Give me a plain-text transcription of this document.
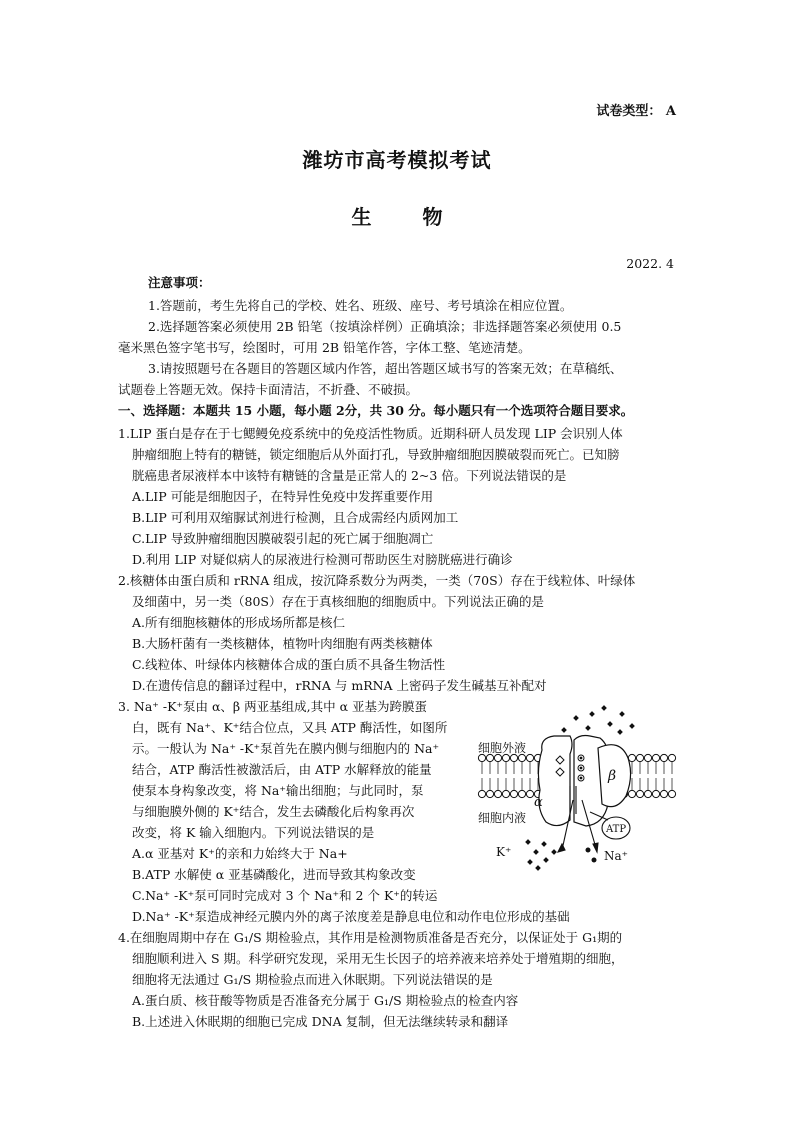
试卷类型： A
潍坊市高考模拟考试
生 物
2022. 4
注意事项：
1.答题前，考生先将自己的学校、姓名、班级、座号、考号填涂在相应位置。
2.选择题答案必须使用 2B 铅笔（按填涂样例）正确填涂；非选择题答案必须使用 0.5
毫米黑色签字笔书写，绘图时，可用 2B 铅笔作答，字体工整、笔迹清楚。
3.请按照题号在各题目的答题区域内作答，超出答题区域书写的答案无效；在草稿纸、
试题卷上答题无效。保持卡面清洁，不折叠、不破损。
一、选择题：本题共 15 小题，每小题 2分，共 30 分。每小题只有一个选项符合题目要求。
1.LIP 蛋白是存在于七鳃鳗免疫系统中的免疫活性物质。近期科研人员发现 LIP 会识别人体
肿瘤细胞上特有的糖链，锁定细胞后从外面打孔，导致肿瘤细胞因膜破裂而死亡。已知膀
胱癌患者尿液样本中该特有糖链的含量是正常人的 2~3 倍。下列说法错误的是
A.LIP 可能是细胞因子，在特异性免疫中发挥重要作用
B.LIP 可利用双缩脲试剂进行检测，且合成需经内质网加工
C.LIP 导致肿瘤细胞因膜破裂引起的死亡属于细胞凋亡
D.利用 LIP 对疑似病人的尿液进行检测可帮助医生对膀胱癌进行确诊
2.核糖体由蛋白质和 rRNA 组成，按沉降系数分为两类，一类（70S）存在于线粒体、叶绿体
及细菌中，另一类（80S）存在于真核细胞的细胞质中。下列说法正确的是
A.所有细胞核糖体的形成场所都是核仁
B.大肠杆菌有一类核糖体，植物叶肉细胞有两类核糖体
C.线粒体、叶绿体内核糖体合成的蛋白质不具备生物活性
D.在遗传信息的翻译过程中，rRNA 与 mRNA 上密码子发生碱基互补配对
3. Na⁺ -K⁺泵由 α、β 两亚基组成,其中 α 亚基为跨膜蛋
白，既有 Na⁺、K⁺结合位点，又具 ATP 酶活性，如图所
示。一般认为 Na⁺ -K⁺泵首先在膜内侧与细胞内的 Na⁺
结合，ATP 酶活性被激活后，由 ATP 水解释放的能量
使泵本身构象改变，将 Na⁺输出细胞；与此同时，泵
与细胞膜外侧的 K⁺结合，发生去磷酸化后构象再次
改变，将 K 输入细胞内。下列说法错误的是
A.α 亚基对 K⁺的亲和力始终大于 Na+
B.ATP 水解使 α 亚基磷酸化，进而导致其构象改变
C.Na⁺ -K⁺泵可同时完成对 3 个 Na⁺和 2 个 K⁺的转运
D.Na⁺ -K⁺泵造成神经元膜内外的离子浓度差是静息电位和动作电位形成的基础
细胞外液
细胞内液
α
β
ATP
K⁺	Na⁺
4.在细胞周期中存在 G₁/S 期检验点，其作用是检测物质准备是否充分，以保证处于 G₁期的
细胞顺利进入 S 期。科学研究发现，采用无生长因子的培养液来培养处于增殖期的细胞，
细胞将无法通过 G₁/S 期检验点而进入休眠期。下列说法错误的是
A.蛋白质、核苷酸等物质是否准备充分属于 G₁/S 期检验点的检查内容
B.上述进入休眠期的细胞已完成 DNA 复制，但无法继续转录和翻译
